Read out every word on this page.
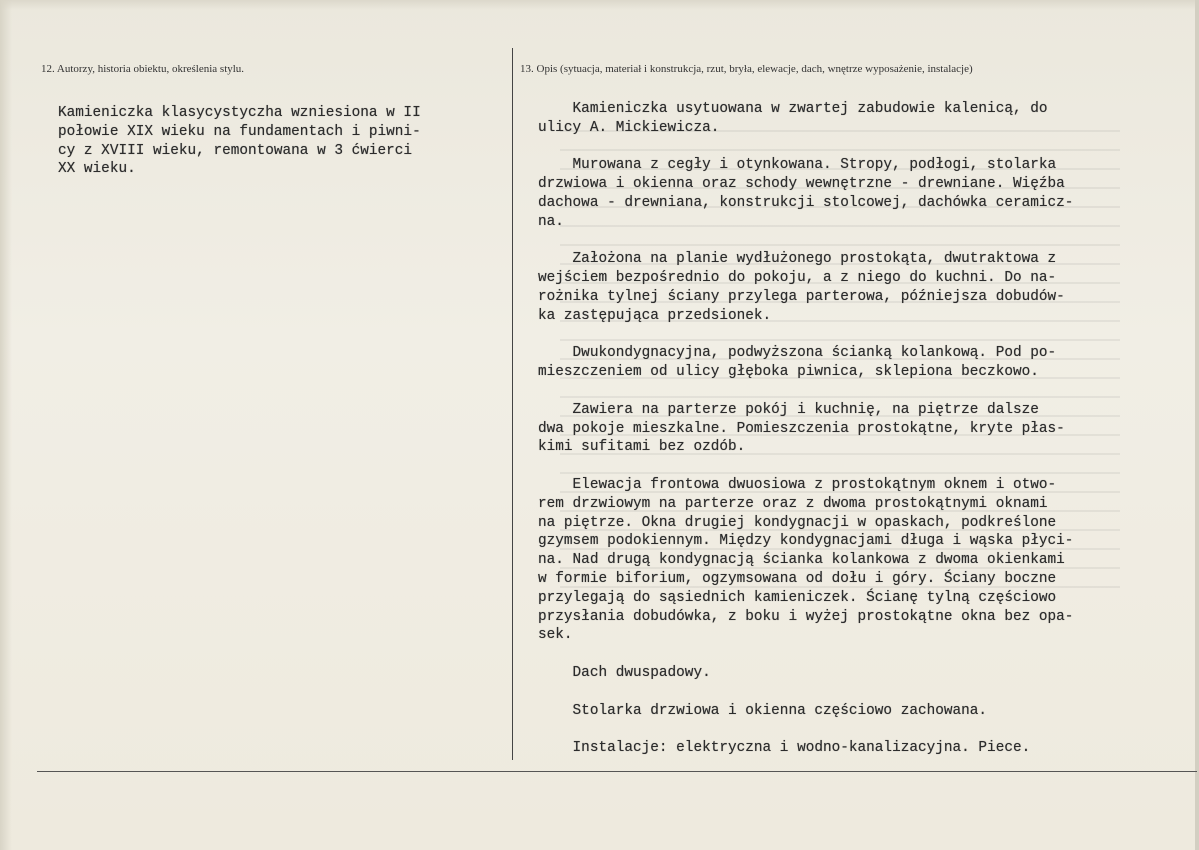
12. Autorzy, historia obiektu, określenia stylu.	13. Opis (sytuacja, materiał i konstrukcja, rzut, bryła, elewacje, dach, wnętrze wyposażenie, instalacje)
Kamieniczka klasycystyczha wzniesiona w II
połowie XIX wieku na fundamentach i piwni-
cy z XVIII wieku, remontowana w 3 ćwierci
XX wieku.
Kamieniczka usytuowana w zwartej zabudowie kalenicą, do
ulicy A. Mickiewicza.

Murowana z cegły i otynkowana. Stropy, podłogi, stolarka
drzwiowa i okienna oraz schody wewnętrzne - drewniane. Więźba
dachowa - drewniana, konstrukcji stolcowej, dachówka ceramicz-
na.

Założona na planie wydłużonego prostokąta, dwutraktowa z
wejściem bezpośrednio do pokoju, a z niego do kuchni. Do na-
rożnika tylnej ściany przylega parterowa, późniejsza dobudów-
ka zastępująca przedsionek.

Dwukondygnacyjna, podwyższona ścianką kolankową. Pod po-
mieszczeniem od ulicy głęboka piwnica, sklepiona beczkowo.

Zawiera na parterze pokój i kuchnię, na piętrze dalsze
dwa pokoje mieszkalne. Pomieszczenia prostokątne, kryte płas-
kimi sufitami bez ozdób.

Elewacja frontowa dwuosiowa z prostokątnym oknem i otwo-
rem drzwiowym na parterze oraz z dwoma prostokątnymi oknami
na piętrze. Okna drugiej kondygnacji w opaskach, podkreślone
gzymsem podokiennym. Między kondygnacjami długa i wąska płyci-
na. Nad drugą kondygnacją ścianka kolankowa z dwoma okienkami
w formie biforium, ogzymsowana od dołu i góry. Ściany boczne
przylegają do sąsiednich kamieniczek. Ścianę tylną częściowo
przysłania dobudówka, z boku i wyżej prostokątne okna bez opa-
sek.

Dach dwuspadowy.

Stolarka drzwiowa i okienna częściowo zachowana.

Instalacje: elektryczna i wodno-kanalizacyjna. Piece.
